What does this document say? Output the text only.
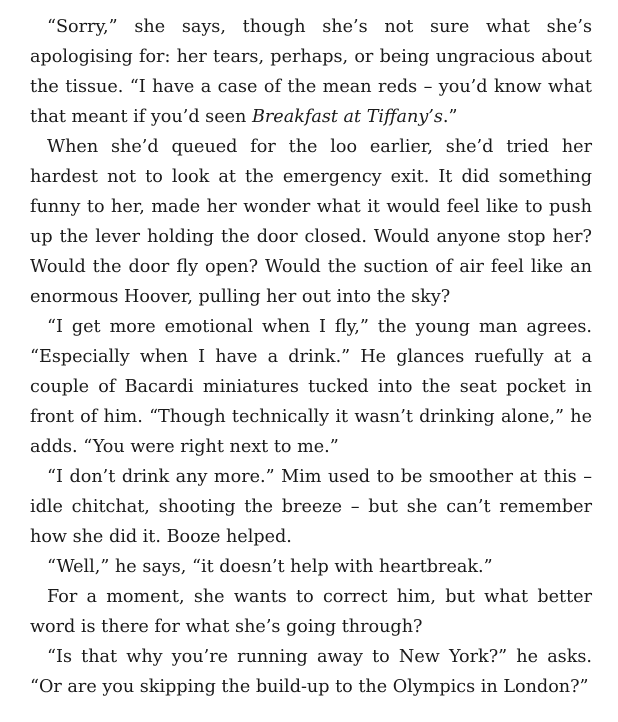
“Sorry,” she says, though she’s not sure what she’s apologising for: her tears, perhaps, or being ungracious about the tissue. “I have a case of the mean reds – you’d know what that meant if you’d seen Breakfast at Tiffany’s.”

When she’d queued for the loo earlier, she’d tried her hardest not to look at the emergency exit. It did something funny to her, made her wonder what it would feel like to push up the lever holding the door closed. Would anyone stop her? Would the door fly open? Would the suction of air feel like an enormous Hoover, pulling her out into the sky?

“I get more emotional when I fly,” the young man agrees. “Especially when I have a drink.” He glances ruefully at a couple of Bacardi miniatures tucked into the seat pocket in front of him. “Though technically it wasn’t drinking alone,” he adds. “You were right next to me.”

“I don’t drink any more.” Mim used to be smoother at this – idle chitchat, shooting the breeze – but she can’t remember how she did it. Booze helped.

“Well,” he says, “it doesn’t help with heartbreak.”

For a moment, she wants to correct him, but what better word is there for what she’s going through?

“Is that why you’re running away to New York?” he asks. “Or are you skipping the build-up to the Olympics in London?”
